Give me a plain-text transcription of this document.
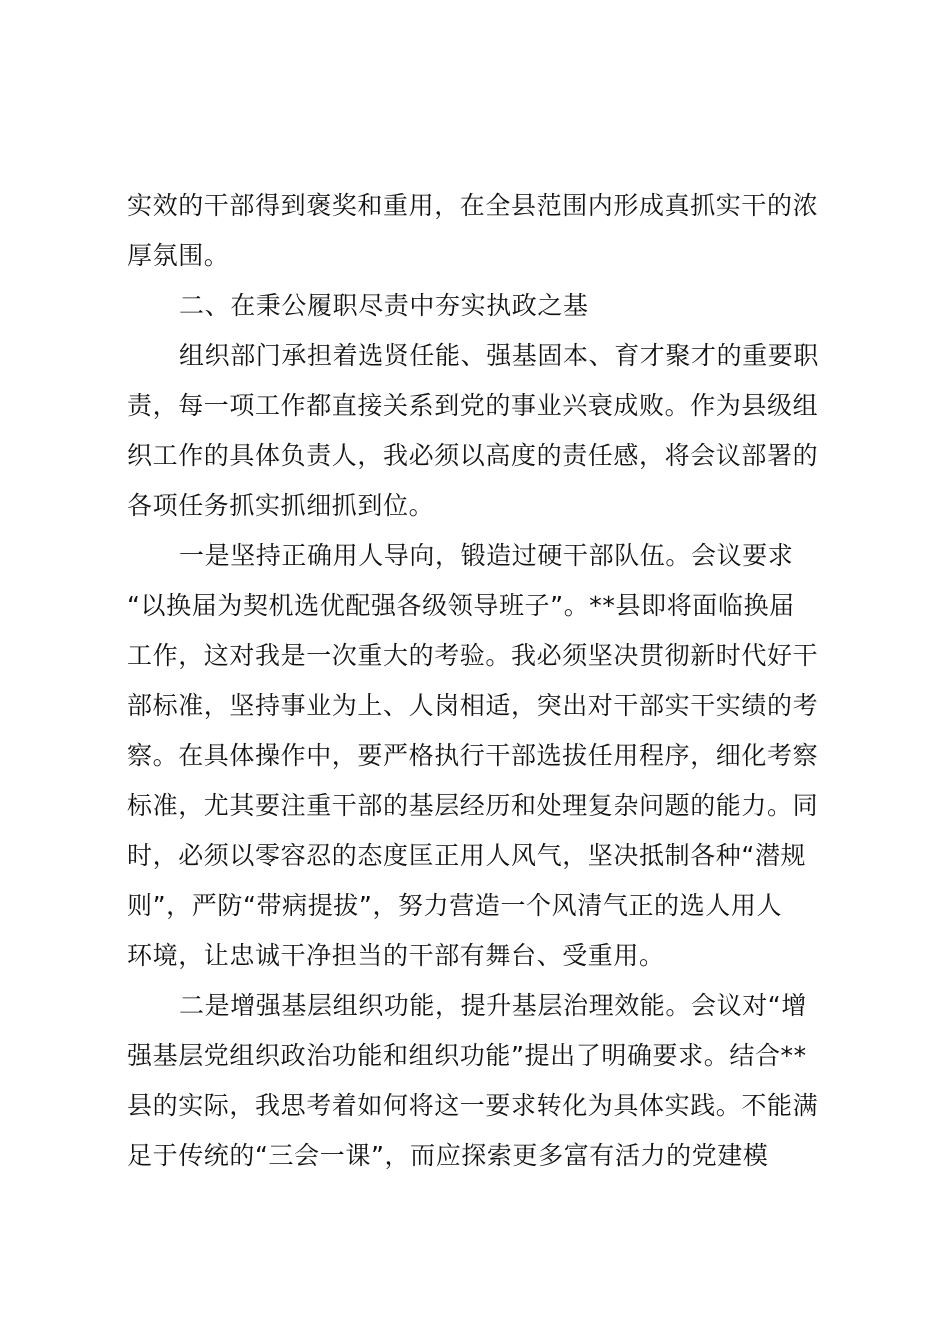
实效的干部得到褒奖和重用，在全县范围内形成真抓实干的浓
厚氛围。
二、在秉公履职尽责中夯实执政之基
组织部门承担着选贤任能、强基固本、育才聚才的重要职
责，每一项工作都直接关系到党的事业兴衰成败。作为县级组
织工作的具体负责人，我必须以高度的责任感，将会议部署的
各项任务抓实抓细抓到位。
一是坚持正确用人导向，锻造过硬干部队伍。会议要求
“以换届为契机选优配强各级领导班子”。**县即将面临换届
工作，这对我是一次重大的考验。我必须坚决贯彻新时代好干
部标准，坚持事业为上、人岗相适，突出对干部实干实绩的考
察。在具体操作中，要严格执行干部选拔任用程序，细化考察
标准，尤其要注重干部的基层经历和处理复杂问题的能力。同
时，必须以零容忍的态度匡正用人风气，坚决抵制各种“潜规
则”，严防“带病提拔”，努力营造一个风清气正的选人用人
环境，让忠诚干净担当的干部有舞台、受重用。
二是增强基层组织功能，提升基层治理效能。会议对“增
强基层党组织政治功能和组织功能”提出了明确要求。结合**
县的实际，我思考着如何将这一要求转化为具体实践。不能满
足于传统的“三会一课”，而应探索更多富有活力的党建模
